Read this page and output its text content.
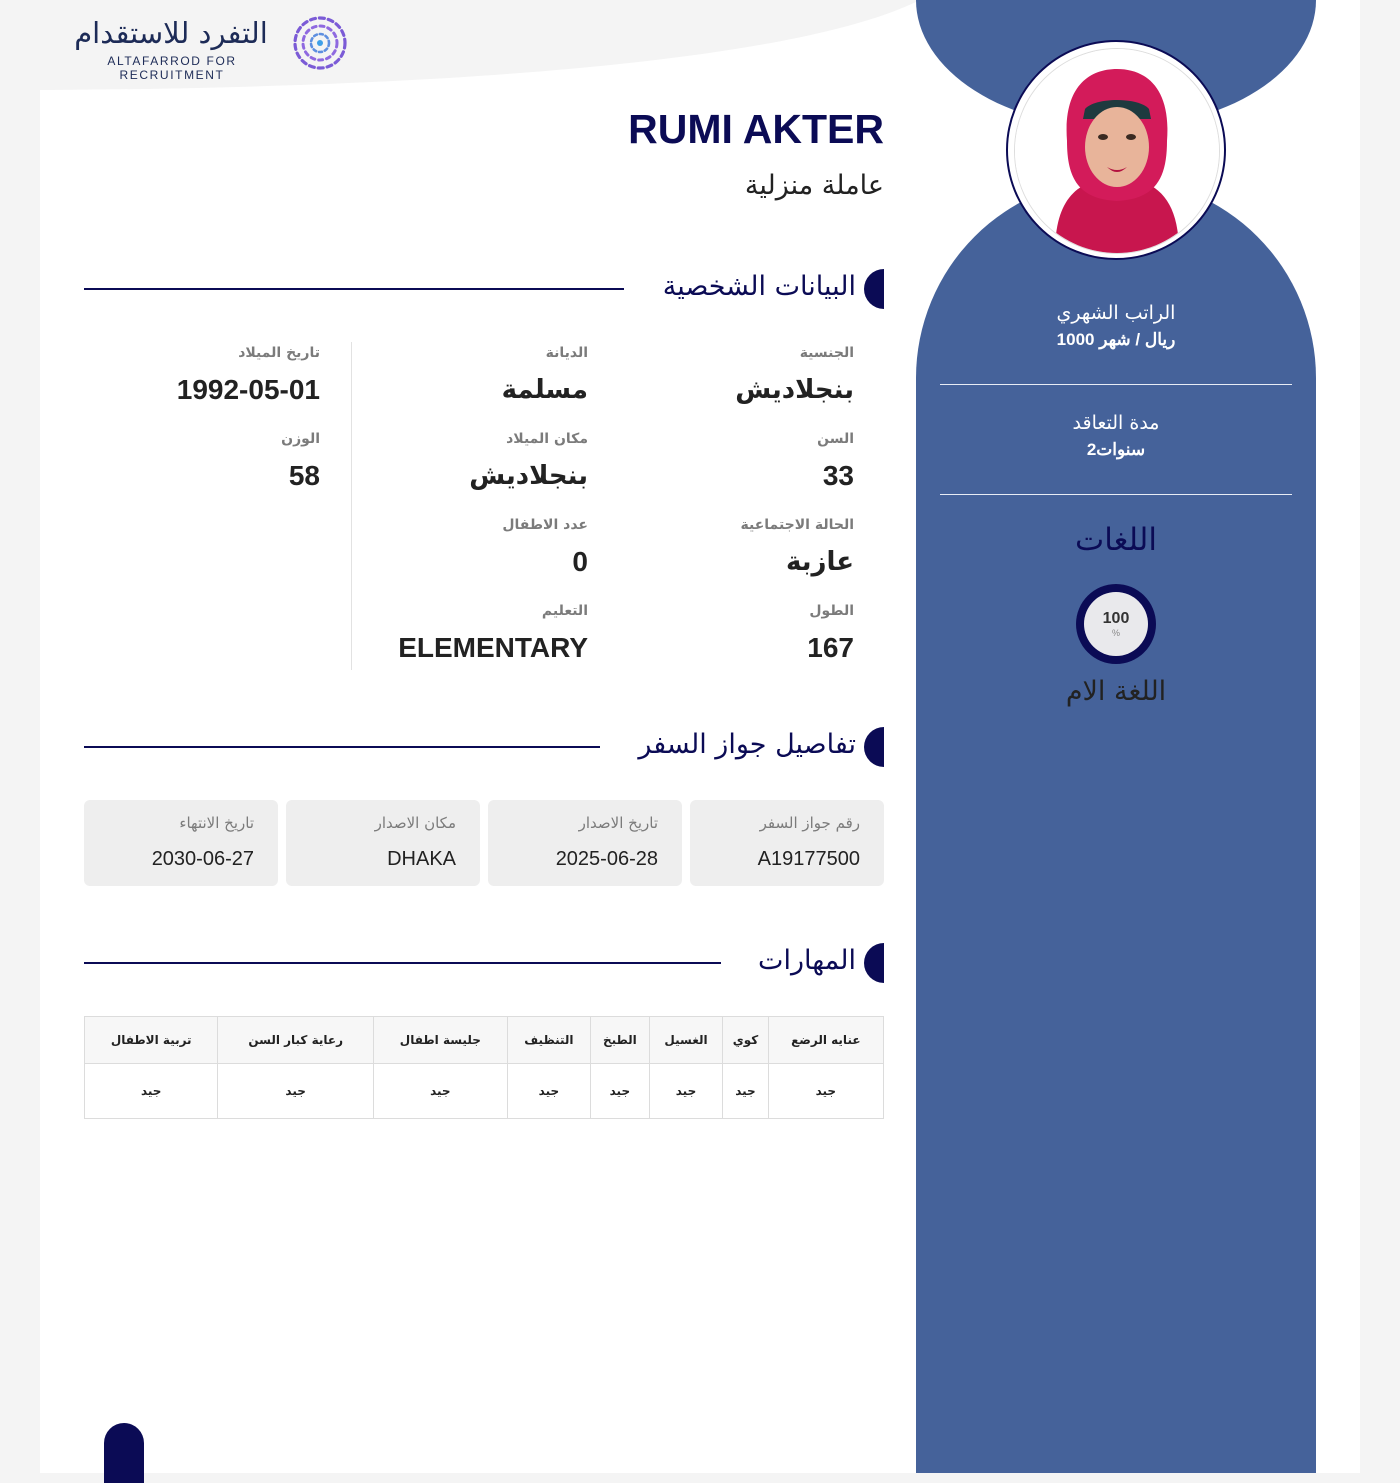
التفرد للاستقدام
ALTAFARROD FOR RECRUITMENT
الراتب الشهري
1000 ريال / شهر
مدة التعاقد
2سنوات
اللغات
100
%
اللغة الام
RUMI AKTER
عاملة منزلية
البيانات الشخصية
الجنسية
بنجلاديش
السن
33
الحالة الاجتماعية
عازبة
الطول
167
الديانة
مسلمة
مكان الميلاد
بنجلاديش
عدد الاطفال
0
التعليم
ELEMENTARY
تاريخ الميلاد
1992-05-01
الوزن
58
تفاصيل جواز السفر
رقم جواز السفر
A19177500
تاريخ الاصدار
2025-06-28
مكان الاصدار
DHAKA
تاريخ الانتهاء
2030-06-27
المهارات
عنايه الرضع	كوي	الغسيل	الطبخ	التنظيف	جليسة اطفال	رعاية كبار السن	تربية الاطفال
جيد	جيد	جيد	جيد	جيد	جيد	جيد	جيد
